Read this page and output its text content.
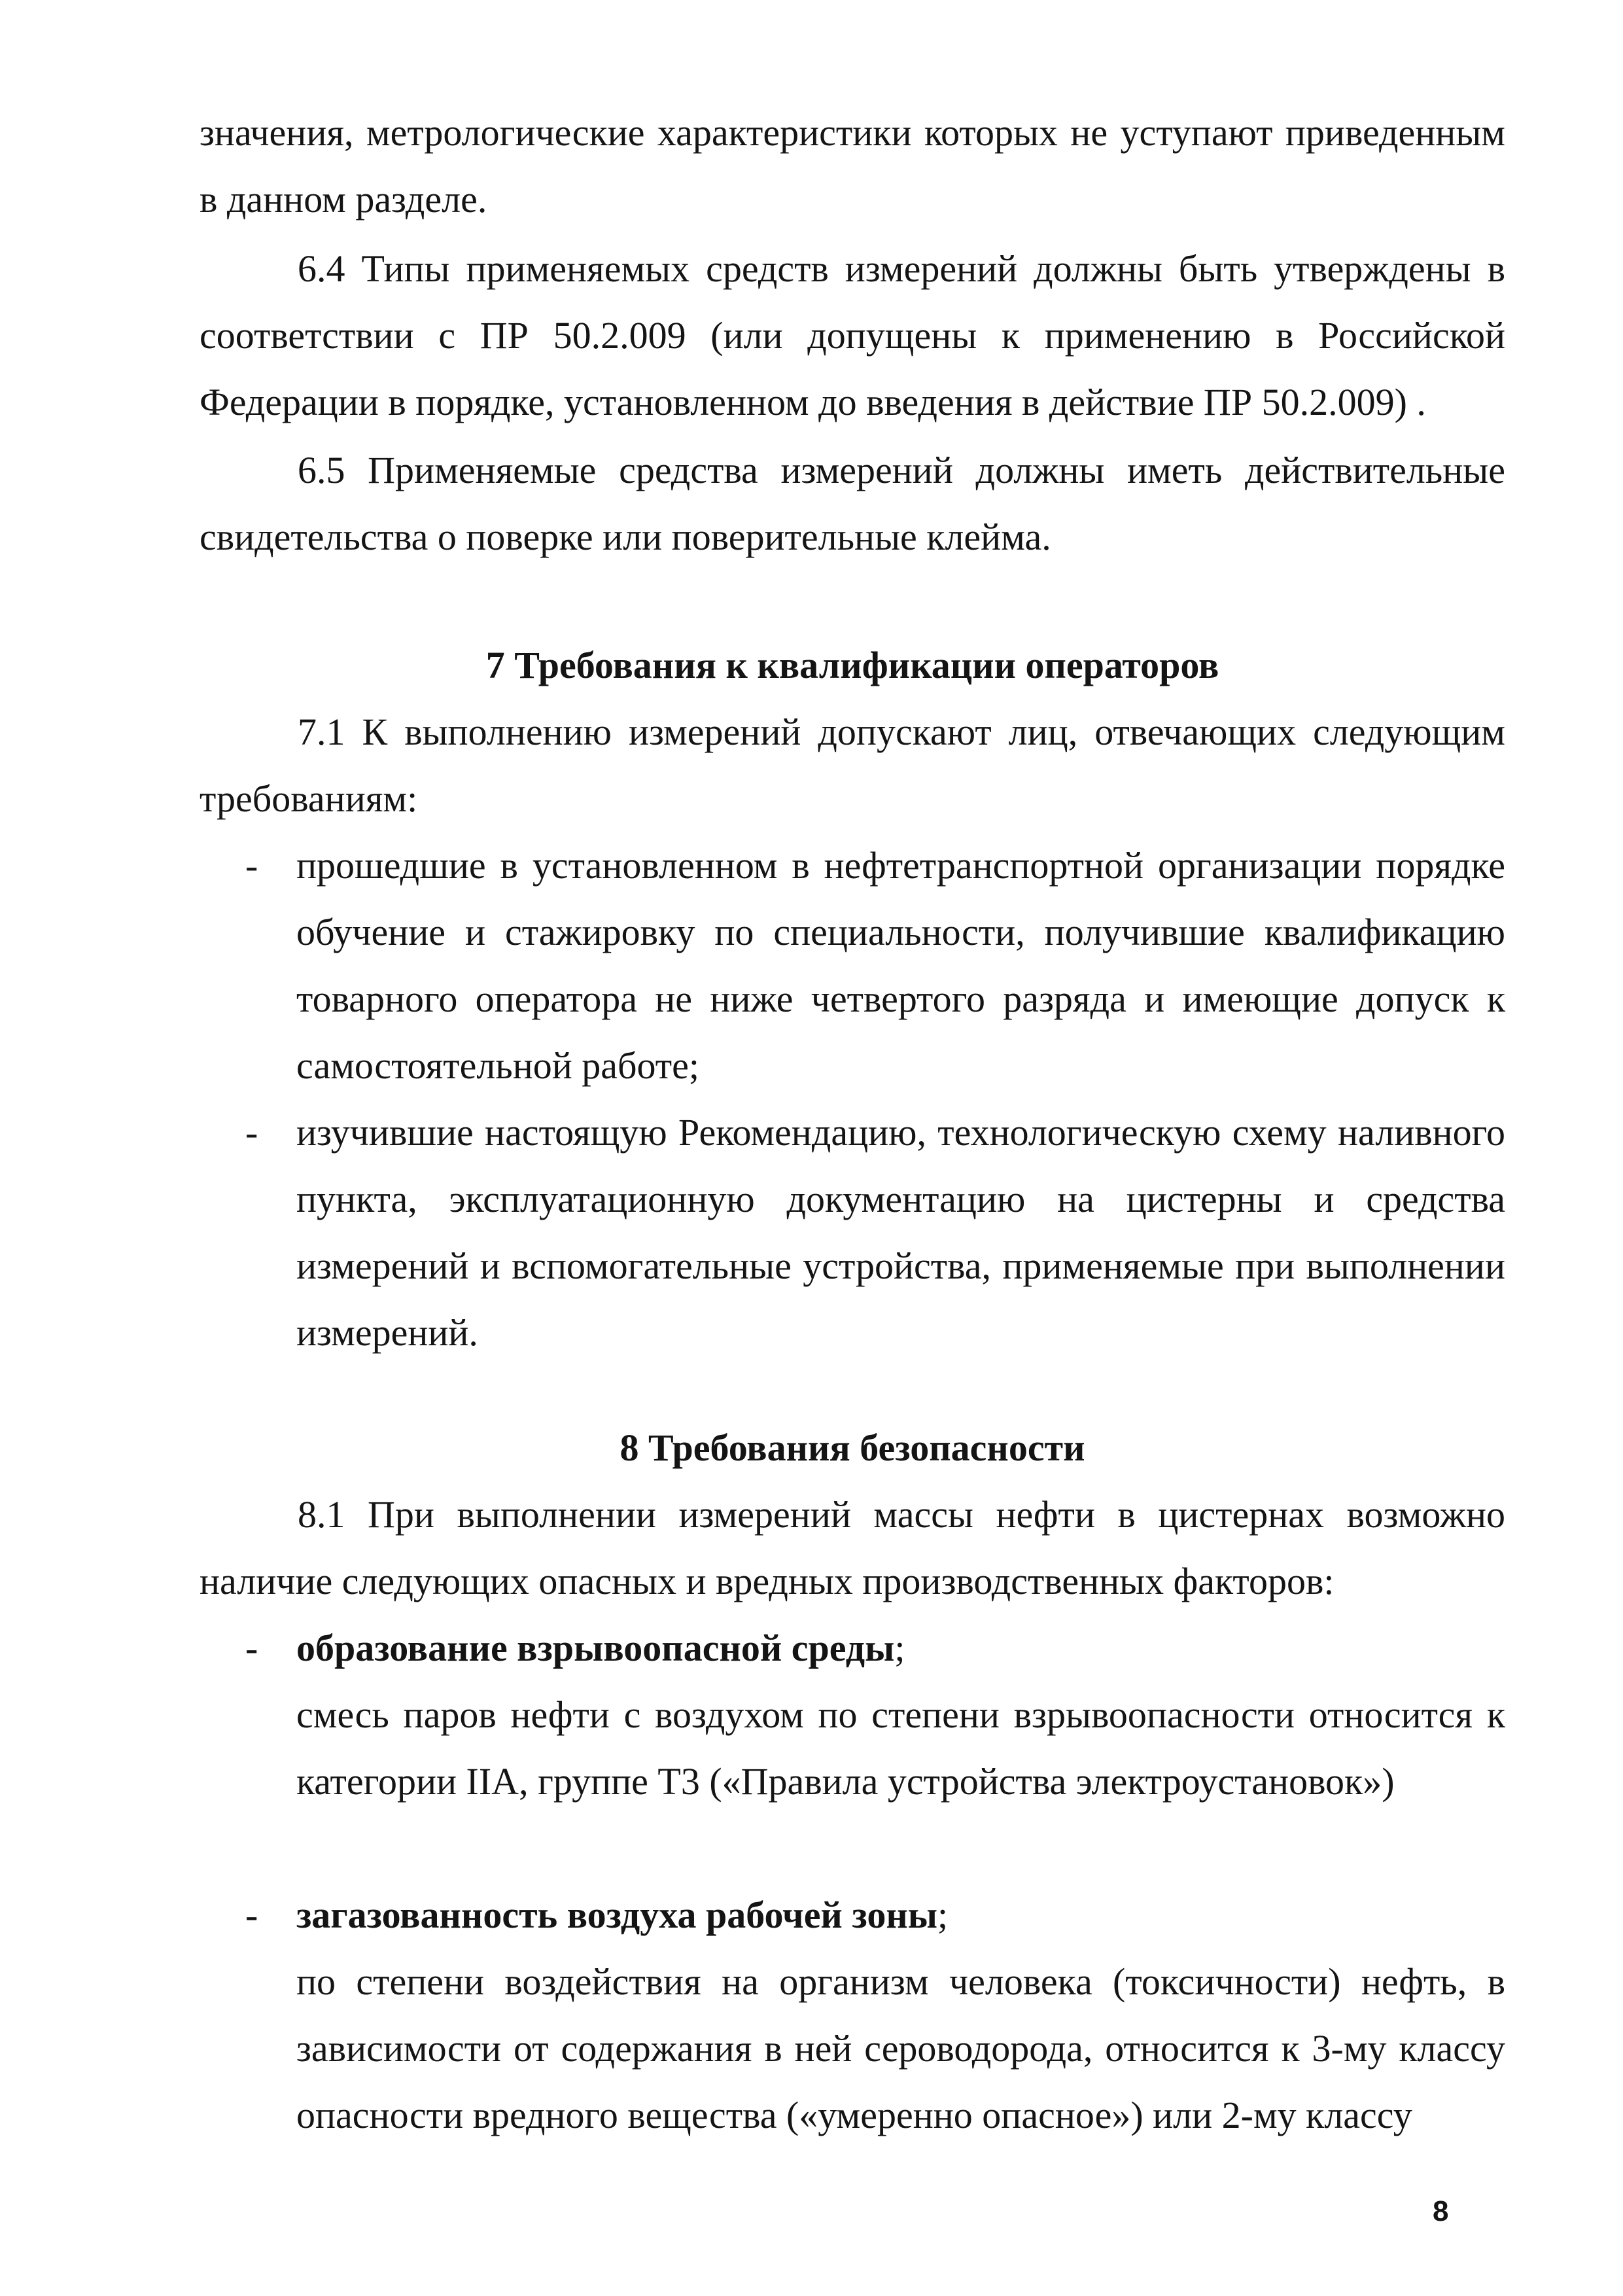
значения, метрологические характеристики которых не уступают приведенным в данном разделе.

6.4 Типы применяемых средств измерений должны быть утверждены в соответствии с ПР 50.2.009 (или допущены к применению в Российской Федерации в порядке, установленном до введения в действие ПР 50.2.009) .

6.5 Применяемые средства измерений должны иметь действительные свидетельства о поверке или поверительные клейма.

7 Требования к квалификации операторов

7.1 К выполнению измерений допускают лиц, отвечающих следующим требованиям:

- прошедшие в установленном в нефтетранспортной организации порядке обучение и стажировку по специальности, получившие квалификацию товарного оператора не ниже четвертого разряда и имеющие допуск к самостоятельной работе;
- изучившие настоящую Рекомендацию, технологическую схему наливного пункта, эксплуатационную документацию на цистерны и средства измерений и вспомогательные устройства, применяемые при выполнении измерений.
8 Требования безопасности

8.1 При выполнении измерений массы нефти в цистернах возможно наличие следующих опасных и вредных производственных факторов:

- образование взрывоопасной среды;
смесь паров нефти с воздухом по степени взрывоопасности относится к категории IIA, группе Т3 («Правила устройства электроустановок»)
- загазованность воздуха рабочей зоны;
по степени воздействия на организм человека (токсичности) нефть, в зависимости от содержания в ней сероводорода, относится к 3-му классу опасности вредного вещества («умеренно опасное») или 2-му классу
8
